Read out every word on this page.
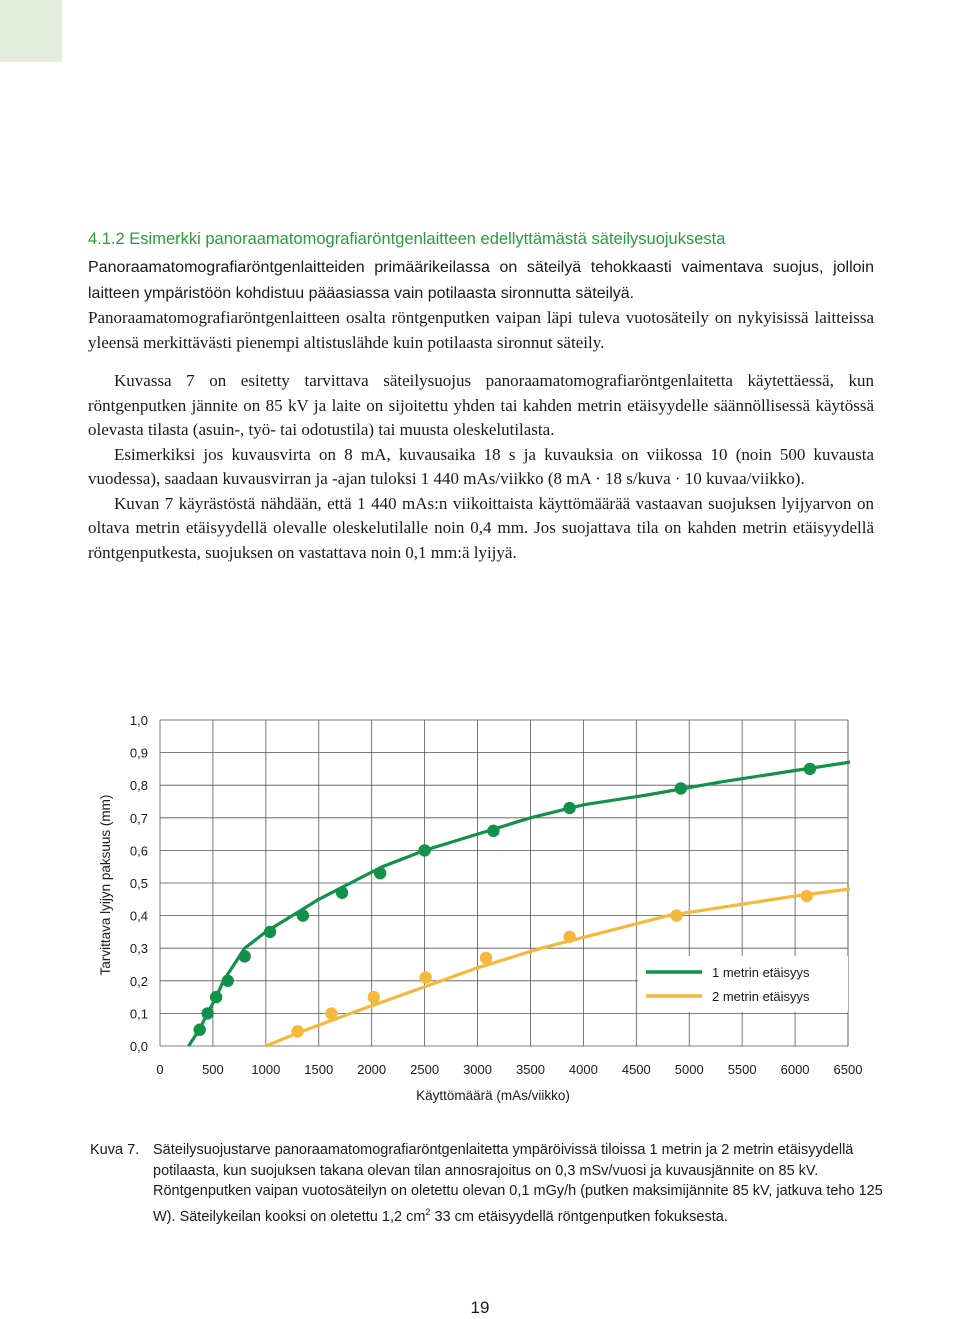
4.1.2 Esimerkki panoraamatomografiaröntgenlaitteen edellyttämästä säteilysuojuksesta

Panoraamatomografiaröntgenlaitteiden primäärikeilassa on säteilyä tehokkaasti vaimentava suojus, jolloin laitteen ympäristöön kohdistuu pääasiassa vain potilaasta sironnutta säteilyä.

Panoraamatomografiaröntgenlaitteen osalta röntgenputken vaipan läpi tuleva vuotosäteily on nykyisissä laitteissa yleensä merkittävästi pienempi altistuslähde kuin potilaasta sironnut säteily.

Kuvassa 7 on esitetty tarvittava säteilysuojus panoraamatomografiaröntgenlaitetta käytettäessä, kun röntgenputken jännite on 85 kV ja laite on sijoitettu yhden tai kahden metrin etäisyydelle säännöllisessä käytössä olevasta tilasta (asuin-, työ- tai odotustila) tai muusta oleskelutilasta.

Esimerkiksi jos kuvausvirta on 8 mA, kuvausaika 18 s ja kuvauksia on viikossa 10 (noin 500 kuvausta vuodessa), saadaan kuvausvirran ja -ajan tuloksi 1 440 mAs/viikko (8 mA · 18 s/kuva · 10 kuvaa/viikko).

Kuvan 7 käyrästöstä nähdään, että 1 440 mAs:n viikoittaista käyttömäärää vastaavan suojuksen lyijyarvon on oltava metrin etäisyydellä olevalle oleskelutilalle noin 0,4 mm. Jos suojattava tila on kahden metrin etäisyydellä röntgenputkesta, suojuksen on vastattava noin 0,1 mm:ä lyijyä.

0	500 1000 1500 2000 2500 3000 3500 4000 4500 5000 5500 6000 6500
0,0
0,1
0,2
0,3
0,4
0,5
0,6
0,7
0,8
0,9
1,0
Käyttömäärä (mAs/viikko)
Tarvittava lyijyn paksuus (mm)	1 metrin etäisyys
2 metrin etäisyys
Kuva 7. Säteilysuojustarve panoraamatomografiaröntgenlaitetta ympäröivissä tiloissa 1 metrin ja 2 metrin etäisyydellä potilaasta, kun suojuksen takana olevan tilan annosrajoitus on 0,3 mSv/vuosi ja kuvausjännite on 85 kV. Röntgenputken vaipan vuotosäteilyn on oletettu olevan 0,1 mGy/h (putken maksimijännite 85 kV, jatkuva teho 125 W). Säteilykeilan kooksi on oletettu 1,2 $cm^2$ 33 cm etäisyydellä röntgenputken fokuksesta.
19
